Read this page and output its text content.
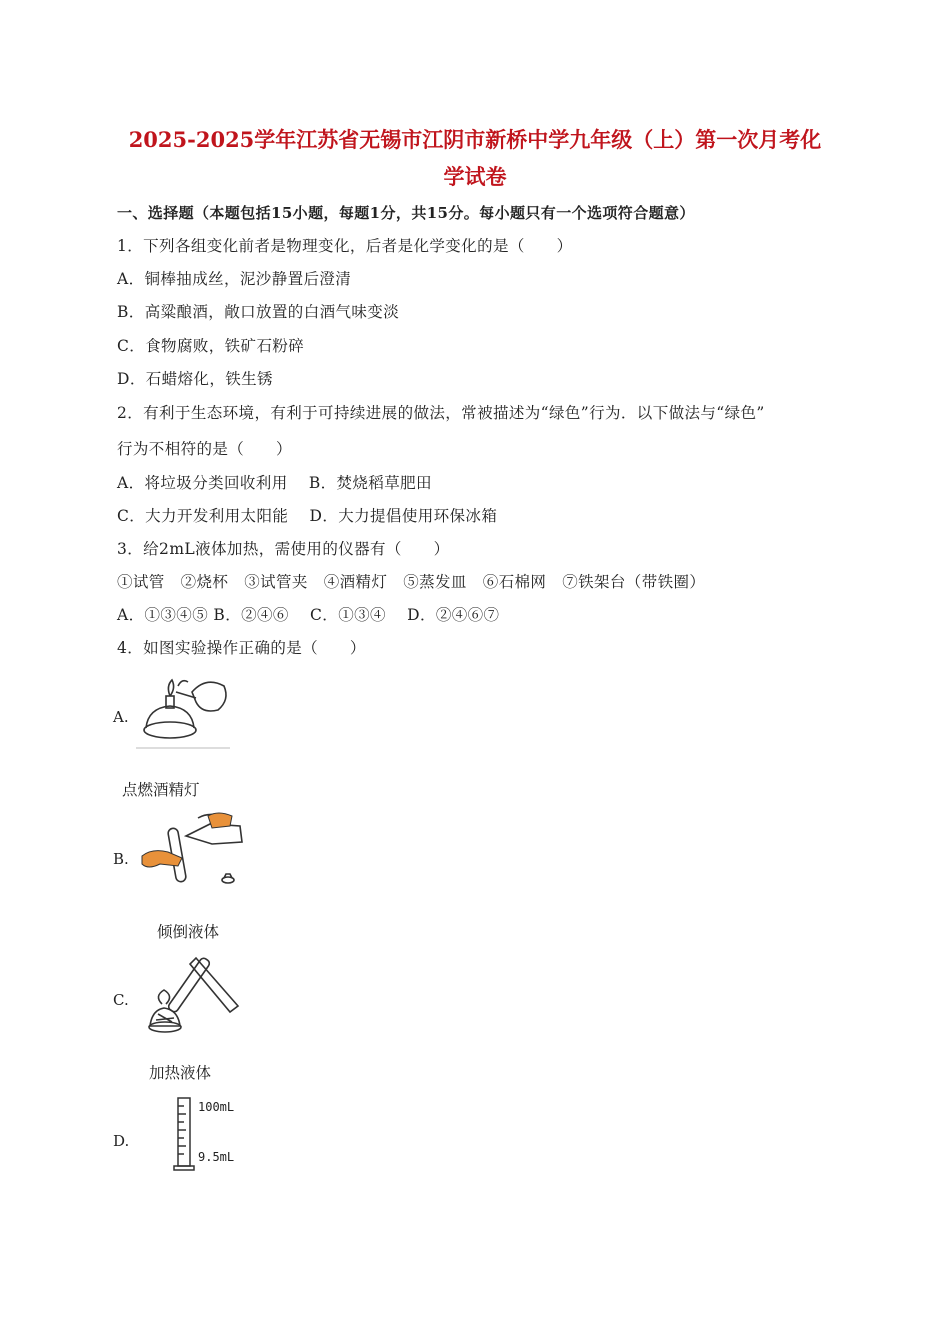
2025-2025学年江苏省无锡市江阴市新桥中学九年级（上）第一次月考化
学试卷
一、选择题（本题包括15小题，每题1分，共15分。每小题只有一个选项符合题意）
1．下列各组变化前者是物理变化，后者是化学变化的是（　　）
A．铜棒抽成丝，泥沙静置后澄清
B．高粱酿酒，敞口放置的白酒气味变淡
C．食物腐败，铁矿石粉碎
D．石蜡熔化，铁生锈
2．有利于生态环境，有利于可持续进展的做法，常被描述为“绿色”行为．以下做法与“绿色”
行为不相符的是（　　）
A．将垃圾分类回收利用　 B．焚烧稻草肥田
C．大力开发利用太阳能　 D．大力提倡使用环保冰箱
3．给2mL液体加热，需使用的仪器有（　　）
①试管　②烧杯　③试管夹　④酒精灯　⑤蒸发皿　⑥石棉网　⑦铁架台（带铁圈）
A．①③④⑤ B．②④⑥　 C．①③④　 D．②④⑥⑦
4．如图实验操作正确的是（　　）
A.
点燃酒精灯
B.
倾倒液体
C.
加热液体
D.
100mL
9.5mL
